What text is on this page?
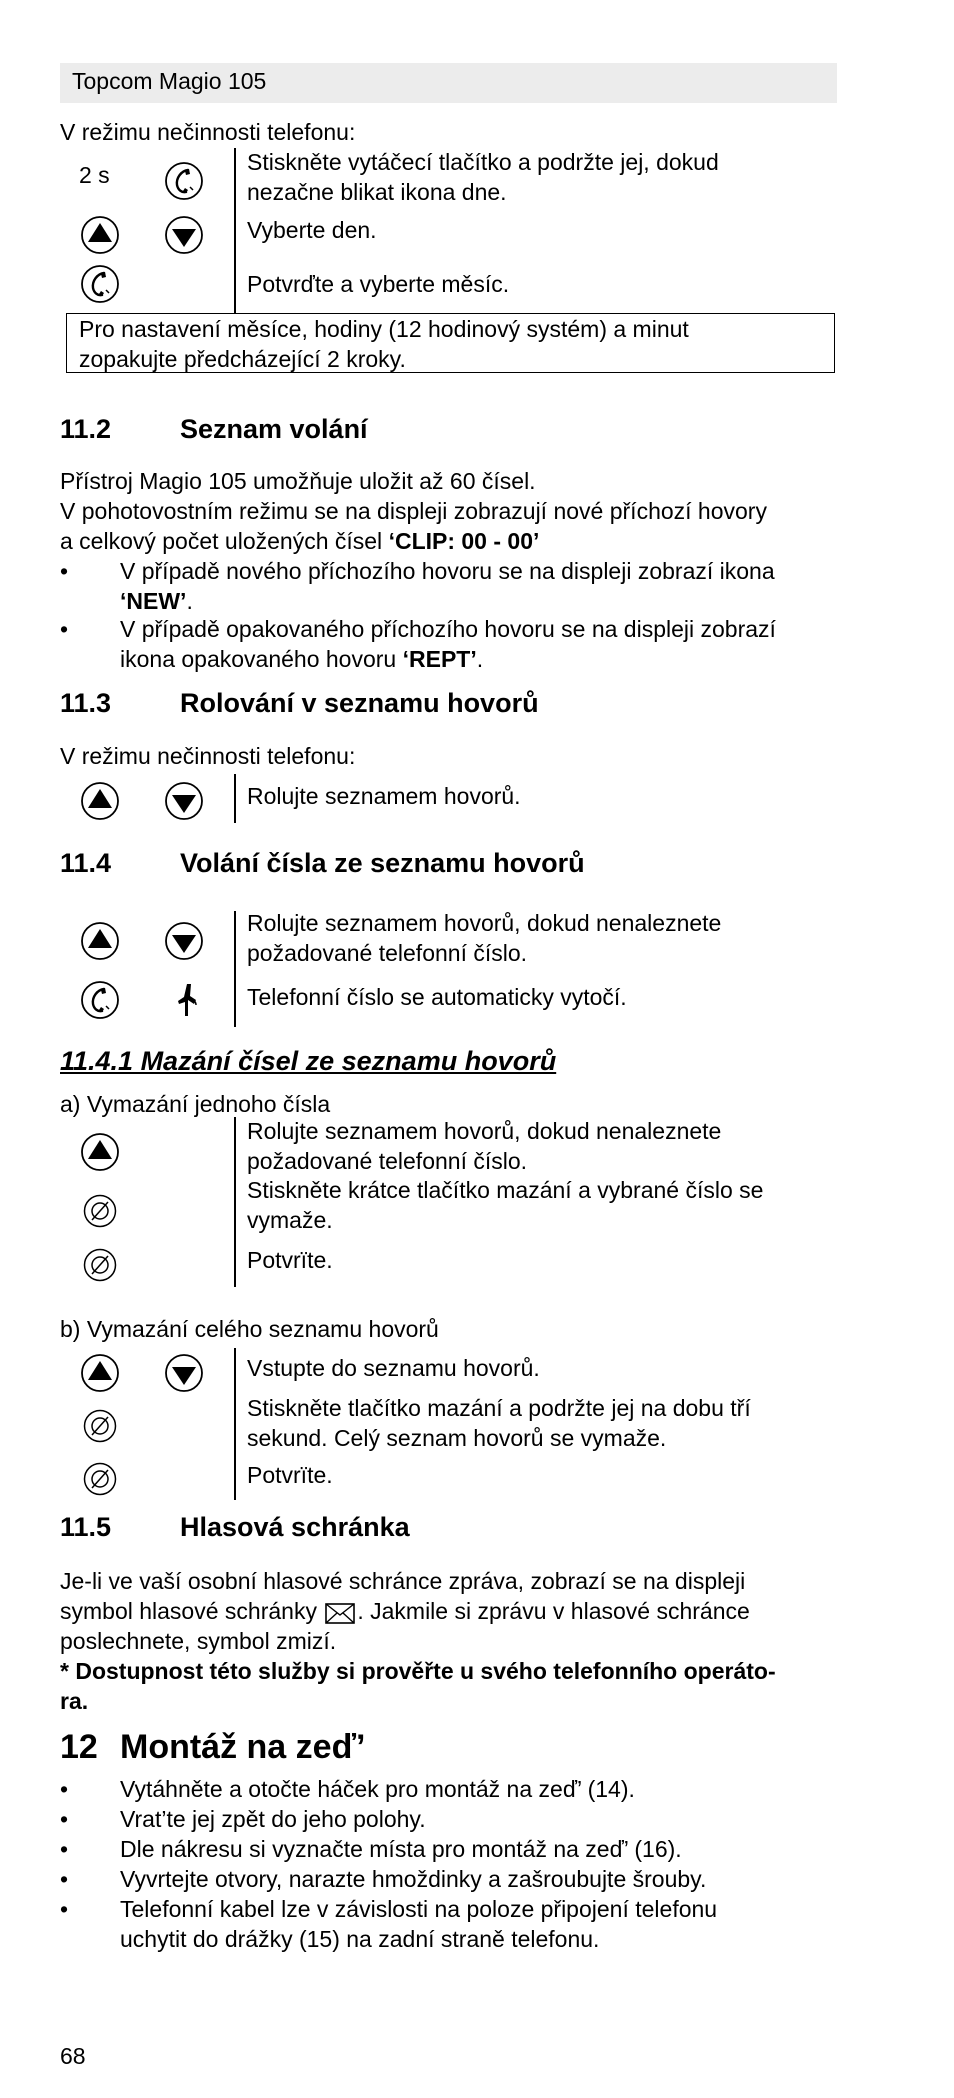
Topcom Magio 105
V režimu nečinnosti telefonu:
2 s	Stiskněte vytáčecí tlačítko a podržte jej, dokud
nezačne blikat ikona dne.
Vyberte den.
Potvrďte a vyberte měsíc.
Pro nastavení měsíce, hodiny (12 hodinový systém) a minut
zopakujte předcházející 2 kroky.
11.2	Seznam volání
Přístroj Magio 105 umožňuje uložit až 60 čísel.
V pohotovostním režimu se na displeji zobrazují nové příchozí hovory
a celkový počet uložených čísel ‘CLIP: 00 - 00’
• V případě nového příchozího hovoru se na displeji zobrazí ikona
‘NEW’.
• V případě opakovaného příchozího hovoru se na displeji zobrazí
ikona opakovaného hovoru ‘REPT’.
11.3	Rolování v seznamu hovorů
V režimu nečinnosti telefonu:
Rolujte seznamem hovorů.
11.4	Volání čísla ze seznamu hovorů
Rolujte seznamem hovorů, dokud nenaleznete
požadované telefonní číslo.
Telefonní číslo se automaticky vytočí.
11.4.1 Mazání čísel ze seznamu hovorů
a) Vymazání jednoho čísla
Rolujte seznamem hovorů, dokud nenaleznete
požadované telefonní číslo.
Stiskněte krátce tlačítko mazání a vybrané číslo se
vymaže.
Potvrïte.
b) Vymazání celého seznamu hovorů
Vstupte do seznamu hovorů.
Stiskněte tlačítko mazání a podržte jej na dobu tří
sekund. Celý seznam hovorů se vymaže.
Potvrïte.
11.5	Hlasová schránka
Je-li ve vaší osobní hlasové schránce zpráva, zobrazí se na displeji
symbol hlasové schránky . Jakmile si zprávu v hlasové schránce
poslechnete, symbol zmizí.
* Dostupnost této služby si prověřte u svého telefonního operáto-
ra.
12 Montáž na zeď’
• Vytáhněte a otočte háček pro montáž na zeď’ (14).
• Vrat’te jej zpět do jeho polohy.
• Dle nákresu si vyznačte místa pro montáž na zeď’ (16).
• Vyvrtejte otvory, narazte hmoždinky a zašroubujte šrouby.
• Telefonní kabel lze v závislosti na poloze připojení telefonu
uchytit do drážky (15) na zadní straně telefonu.
68
